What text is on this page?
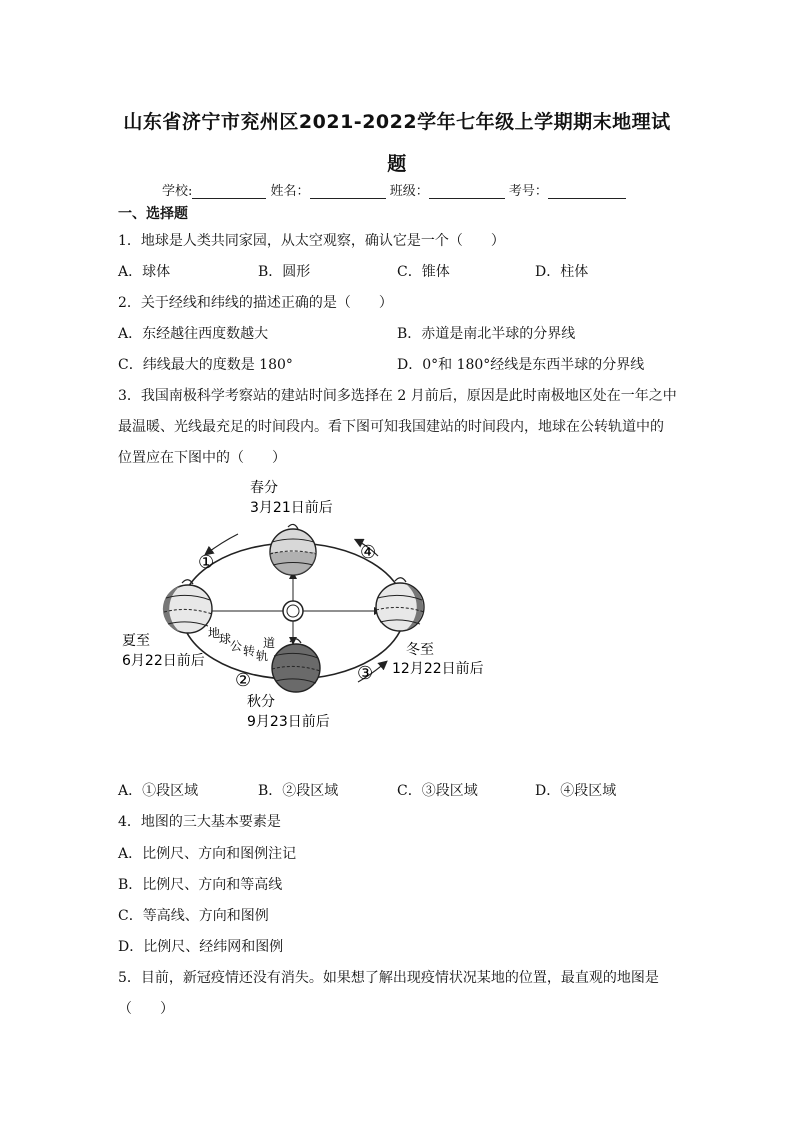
山东省济宁市兖州区2021-2022学年七年级上学期期末地理试
题
学校:	姓名：	班级：	考号：
一、选择题
1．地球是人类共同家园，从太空观察，确认它是一个（　　）
A．球体	B．圆形	C．锥体	D．柱体
2．关于经线和纬线的描述正确的是（　　）
A．东经越往西度数越大	B．赤道是南北半球的分界线
C．纬线最大的度数是 180°	D．0°和 180°经线是东西半球的分界线
3．我国南极科学考察站的建站时间多选择在 2 月前后，原因是此时南极地区处在一年之中
最温暖、光线最充足的时间段内。看下图可知我国建站的时间段内，地球在公转轨道中的
位置应在下图中的（　　）
①	④
②	③
地
球
公 转 轨
道
春分
3月21日前后
夏至
6月22日前后
冬至
12月22日前后
秋分
9月23日前后
A．①段区域	B．②段区域	C．③段区域	D．④段区域
4．地图的三大基本要素是
A．比例尺、方向和图例注记
B．比例尺、方向和等高线
C．等高线、方向和图例
D．比例尺、经纬网和图例
5．目前，新冠疫情还没有消失。如果想了解出现疫情状况某地的位置，最直观的地图是
（　　）
